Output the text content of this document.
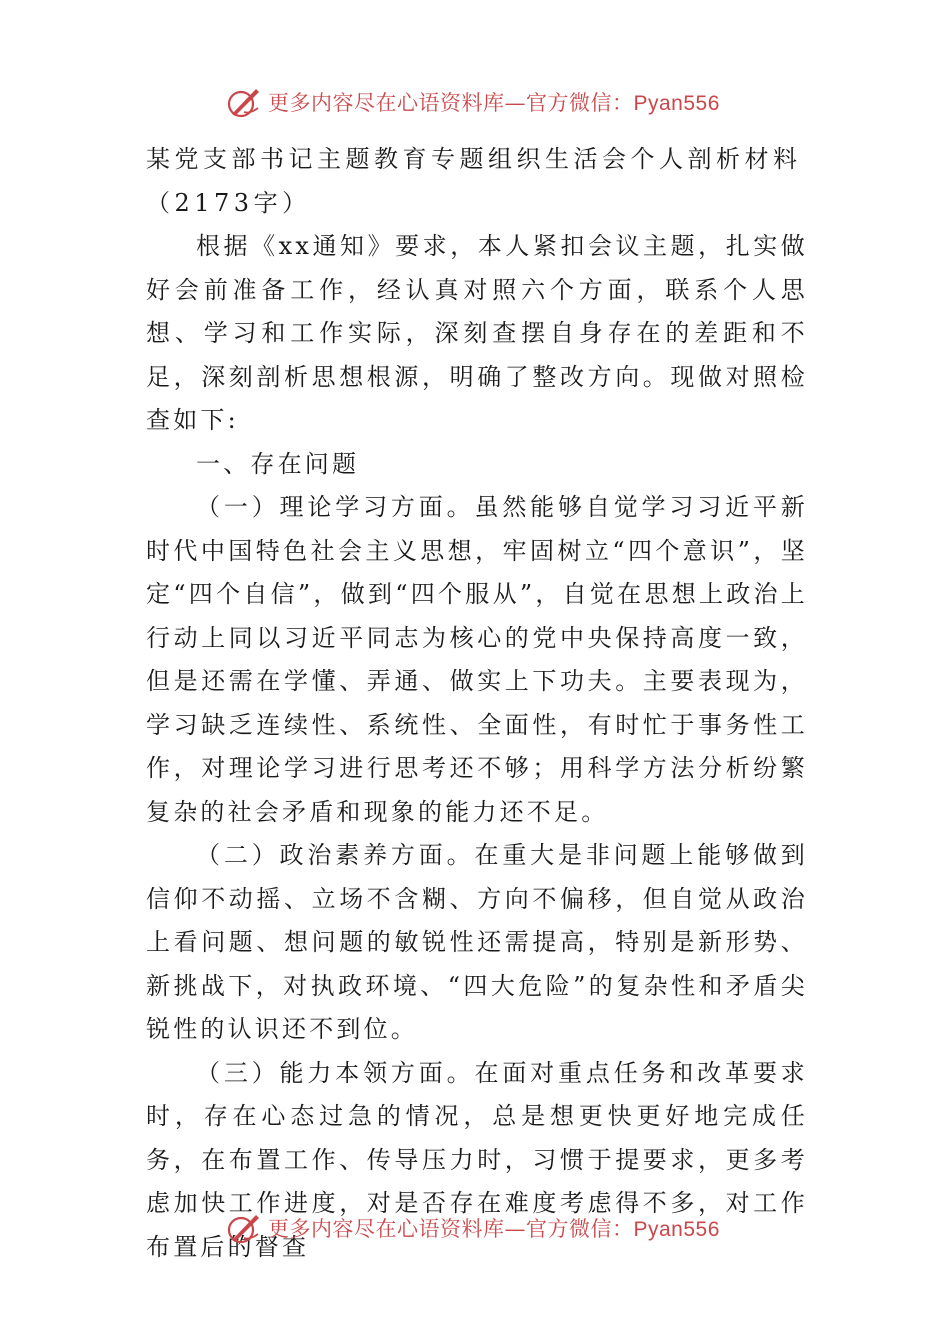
更多内容尽在心语资料库—官方微信：Pyan556
某党支部书记主题教育专题组织生活会个人剖析材料
（2173字）

根据《xx通知》要求，本人紧扣会议主题，扎实做好会前准备工作，经认真对照六个方面，联系个人思想、学习和工作实际，深刻查摆自身存在的差距和不足，深刻剖析思想根源，明确了整改方向。现做对照检查如下:

一、存在问题

（一）理论学习方面。虽然能够自觉学习习近平新时代中国特色社会主义思想，牢固树立“四个意识”，坚定“四个自信”，做到“四个服从”，自觉在思想上政治上行动上同以习近平同志为核心的党中央保持高度一致，但是还需在学懂、弄通、做实上下功夫。主要表现为，学习缺乏连续性、系统性、全面性，有时忙于事务性工作，对理论学习进行思考还不够；用科学方法分析纷繁复杂的社会矛盾和现象的能力还不足。

（二）政治素养方面。在重大是非问题上能够做到信仰不动摇、立场不含糊、方向不偏移，但自觉从政治上看问题、想问题的敏锐性还需提高，特别是新形势、新挑战下，对执政环境、“四大危险”的复杂性和矛盾尖锐性的认识还不到位。

（三）能力本领方面。在面对重点任务和改革要求时，存在心态过急的情况，总是想更快更好地完成任务，在布置工作、传导压力时，习惯于提要求，更多考虑加快工作进度，对是否存在难度考虑得不多，对工作布置后的督查

更多内容尽在心语资料库—官方微信：Pyan556
